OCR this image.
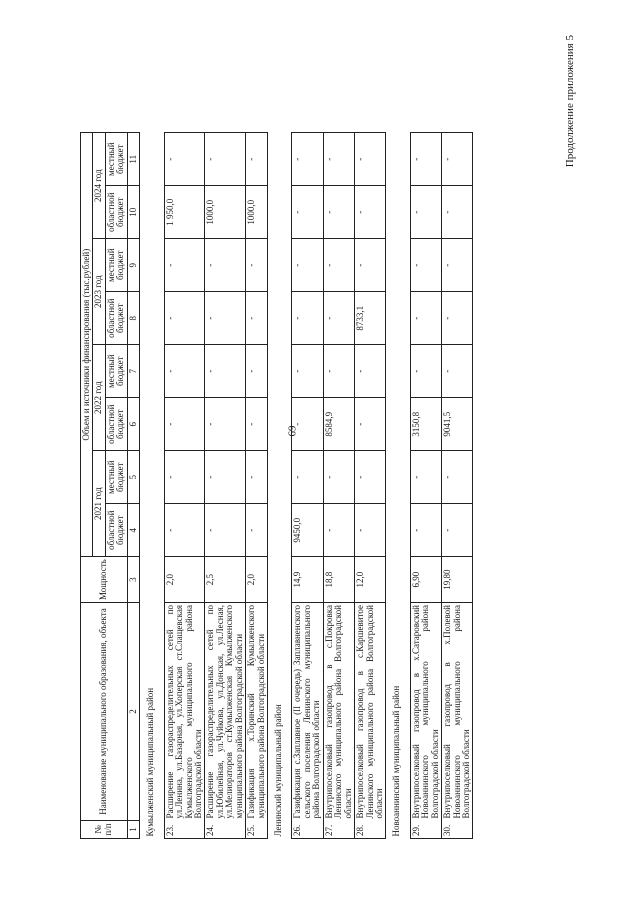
69
Продолжение приложения 5
№ п/п	Наименование муниципального образования, объекта	Мощность	Объем и источники финансирования (тыс.рублей)							
			2021 год		2022 год		2023 год		2024 год	
			областной бюджет	местный бюджет	областной бюджет	местный бюджет	областной бюджет	местный бюджет	областной бюджет	местный бюджет
1	2	3	4	5	6	7	8	9	10	11
Кумылженский муниципальный район										
23.	Расширение газораспределительных сетей по ул.Ленина, ул.Базарная, ул.Хоперская ст.Слащевская Кумылженского муниципального района Волгоградской области	2,0	-	-	-	-	-	-	1 950,0	-
24.	Расширение газораспределительных сетей по ул.Юбилейная, ул.Чуйкова, ул.Донская, ул.Лесная, ул.Мелиораторов ст.Кумылженская Кумылженского муниципального района Волгоградской области	2,5	-	-	-	-	-	-	1000,0	-
25.	Газификация х.Торинский Кумылженского муниципального района Волгоградской области	2,0	-	-	-	-	-	-	1000,0	-
Ленинский муниципальный район										
26.	Газификация с.Заплавное (II очередь) Заплавненского сельского поселения Ленинского муниципального района Волгоградской области	14,9	9450,0	-	-	-	-	-	-	-
27.	Внутрипоселковый газопровод в с.Покровка Ленинского муниципального района Волгоградской области	18,8	-	-	8584,9	-	-	-	-	-
28.	Внутрипоселковый газопровод в с.Каршевитое Ленинского муниципального района Волгоградской области	12,0	-	-	-	-	8733,1	-	-	-
Новоаннинский муниципальный район										
29.	Внутрипоселковый газопровод в х.Сатаровский Новоаннинского муниципального района Волгоградской области	6,90	-	-	3150,8	-	-	-	-	-
30.	Внутрипоселковый газопровод в х.Полевой Новоаннинского муниципального района Волгоградской области	19,80	-	-	9041,5	-	-	-	-	-
